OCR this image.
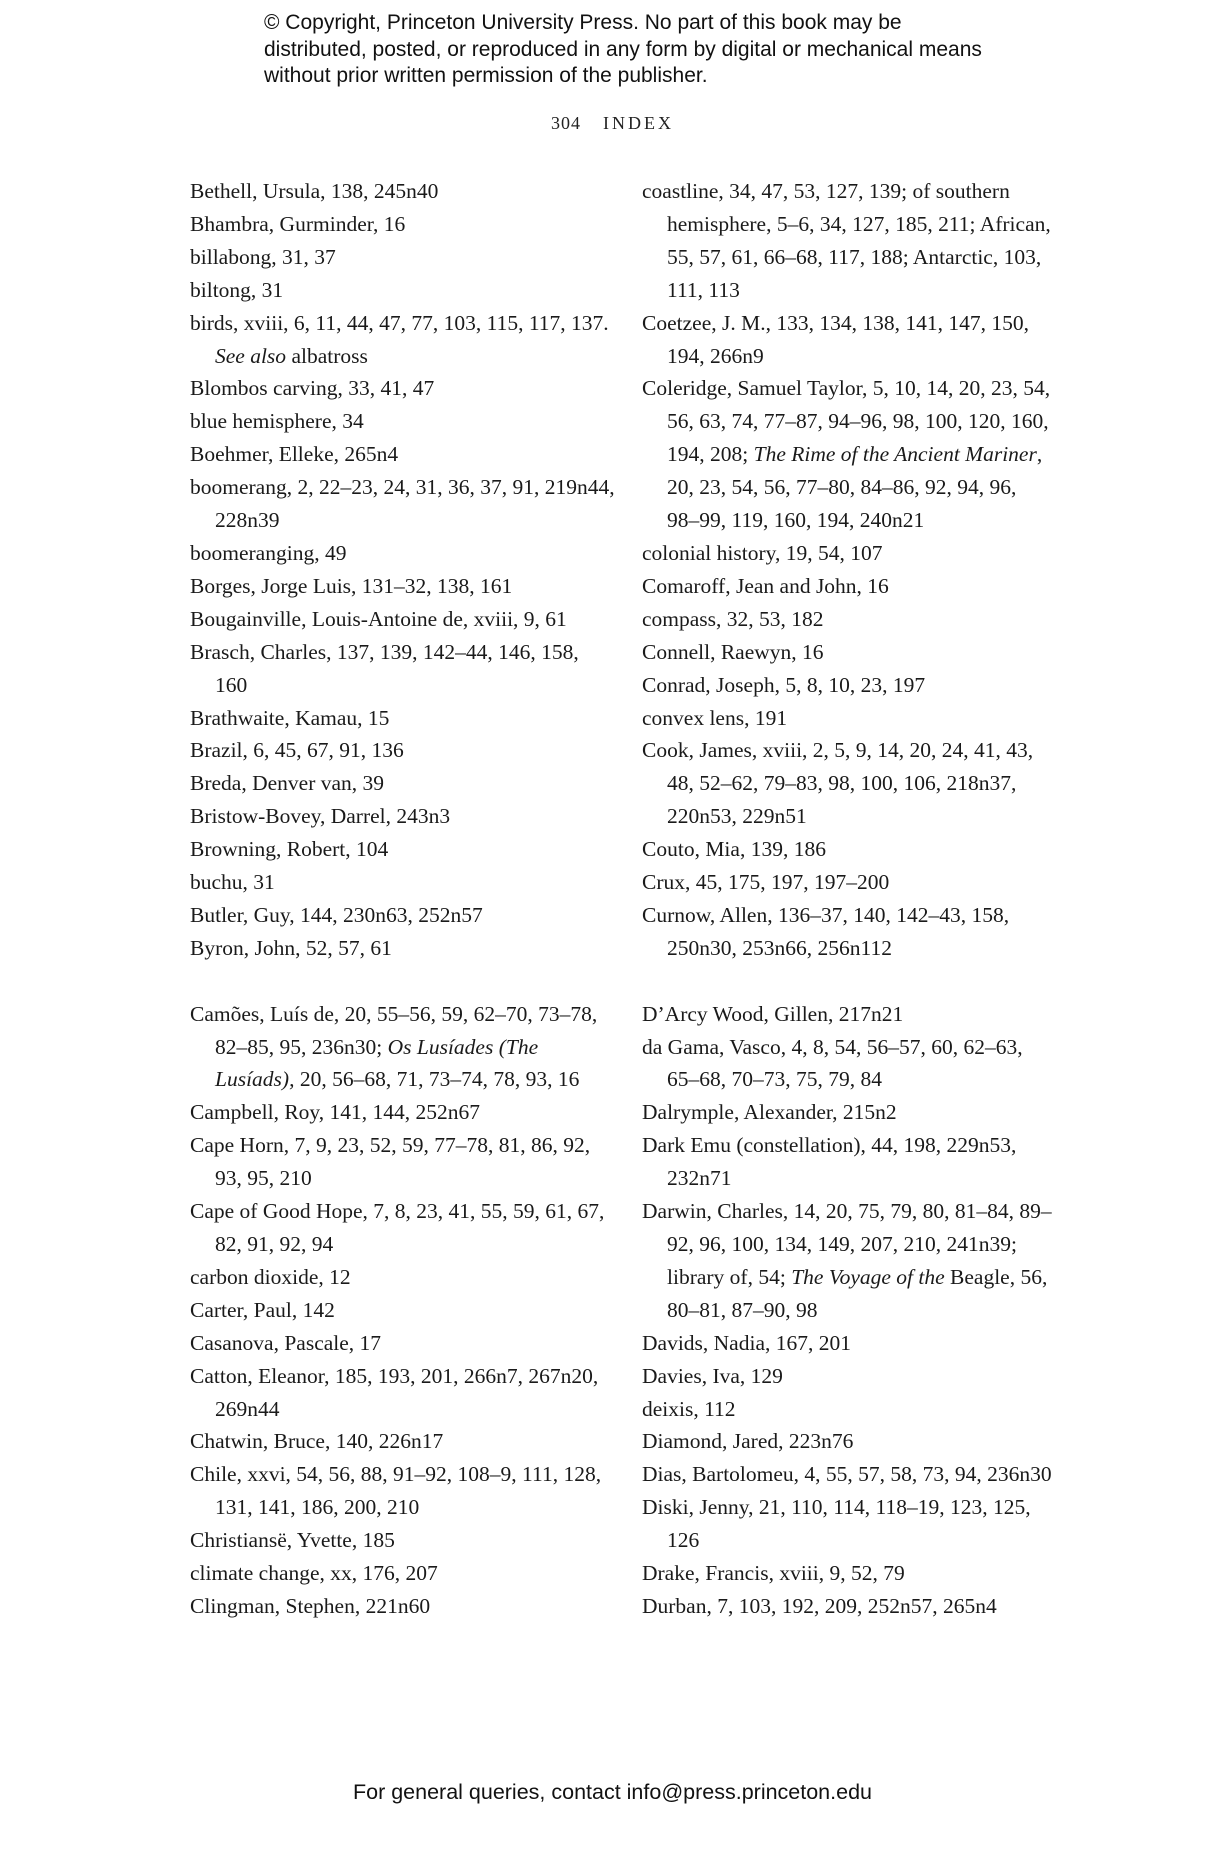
© Copyright, Princeton University Press. No part of this book may be distributed, posted, or reproduced in any form by digital or mechanical means without prior written permission of the publisher.

304 INDEX

Bethell, Ursula, 138, 245n40

Bhambra, Gurminder, 16

billabong, 31, 37

biltong, 31

birds, xviii, 6, 11, 44, 47, 77, 103, 115, 117, 137. See also albatross

Blombos carving, 33, 41, 47

blue hemisphere, 34

Boehmer, Elleke, 265n4

boomerang, 2, 22–23, 24, 31, 36, 37, 91, 219n44, 228n39

boomeranging, 49

Borges, Jorge Luis, 131–32, 138, 161

Bougainville, Louis-Antoine de, xviii, 9, 61

Brasch, Charles, 137, 139, 142–44, 146, 158, 160

Brathwaite, Kamau, 15

Brazil, 6, 45, 67, 91, 136

Breda, Denver van, 39

Bristow-Bovey, Darrel, 243n3

Browning, Robert, 104

buchu, 31

Butler, Guy, 144, 230n63, 252n57

Byron, John, 52, 57, 61

Camões, Luís de, 20, 55–56, 59, 62–70, 73–78, 82–85, 95, 236n30; Os Lusíades (The Lusíads), 20, 56–68, 71, 73–74, 78, 93, 16

Campbell, Roy, 141, 144, 252n67

Cape Horn, 7, 9, 23, 52, 59, 77–78, 81, 86, 92, 93, 95, 210

Cape of Good Hope, 7, 8, 23, 41, 55, 59, 61, 67, 82, 91, 92, 94

carbon dioxide, 12

Carter, Paul, 142

Casanova, Pascale, 17

Catton, Eleanor, 185, 193, 201, 266n7, 267n20, 269n44

Chatwin, Bruce, 140, 226n17

Chile, xxvi, 54, 56, 88, 91–92, 108–9, 111, 128, 131, 141, 186, 200, 210

Christiansë, Yvette, 185

climate change, xx, 176, 207

Clingman, Stephen, 221n60

coastline, 34, 47, 53, 127, 139; of southern hemisphere, 5–6, 34, 127, 185, 211; African, 55, 57, 61, 66–68, 117, 188; Antarctic, 103, 111, 113

Coetzee, J. M., 133, 134, 138, 141, 147, 150, 194, 266n9

Coleridge, Samuel Taylor, 5, 10, 14, 20, 23, 54, 56, 63, 74, 77–87, 94–96, 98, 100, 120, 160, 194, 208; The Rime of the Ancient Mariner, 20, 23, 54, 56, 77–80, 84–86, 92, 94, 96, 98–99, 119, 160, 194, 240n21

colonial history, 19, 54, 107

Comaroff, Jean and John, 16

compass, 32, 53, 182

Connell, Raewyn, 16

Conrad, Joseph, 5, 8, 10, 23, 197

convex lens, 191

Cook, James, xviii, 2, 5, 9, 14, 20, 24, 41, 43, 48, 52–62, 79–83, 98, 100, 106, 218n37, 220n53, 229n51

Couto, Mia, 139, 186

Crux, 45, 175, 197, 197–200

Curnow, Allen, 136–37, 140, 142–43, 158, 250n30, 253n66, 256n112

D’Arcy Wood, Gillen, 217n21

da Gama, Vasco, 4, 8, 54, 56–57, 60, 62–63, 65–68, 70–73, 75, 79, 84

Dalrymple, Alexander, 215n2

Dark Emu (constellation), 44, 198, 229n53, 232n71

Darwin, Charles, 14, 20, 75, 79, 80, 81–84, 89–92, 96, 100, 134, 149, 207, 210, 241n39; library of, 54; The Voyage of the Beagle, 56, 80–81, 87–90, 98

Davids, Nadia, 167, 201

Davies, Iva, 129

deixis, 112

Diamond, Jared, 223n76

Dias, Bartolomeu, 4, 55, 57, 58, 73, 94, 236n30

Diski, Jenny, 21, 110, 114, 118–19, 123, 125, 126

Drake, Francis, xviii, 9, 52, 79

Durban, 7, 103, 192, 209, 252n57, 265n4

For general queries, contact info@press.princeton.edu
